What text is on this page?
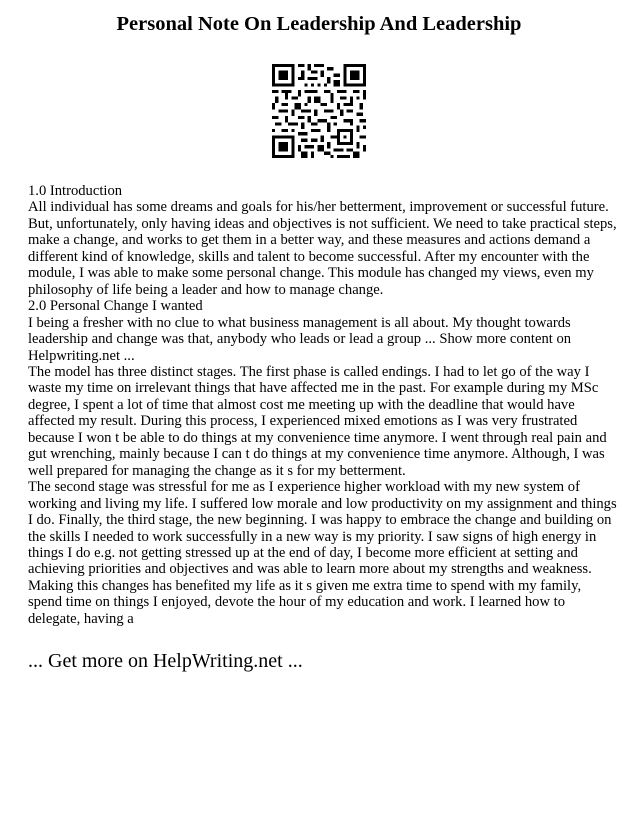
Personal Note On Leadership And Leadership

1.0 Introduction

All individual has some dreams and goals for his/her betterment, improvement or successful future. But, unfortunately, only having ideas and objectives is not sufficient. We need to take practical steps, make a change, and works to get them in a better way, and these measures and actions demand a different kind of knowledge, skills and talent to become successful. After my encounter with the module, I was able to make some personal change. This module has changed my views, even my philosophy of life being a leader and how to manage change.

2.0 Personal Change I wanted

I being a fresher with no clue to what business management is all about. My thought towards leadership and change was that, anybody who leads or lead a group ... Show more content on Helpwriting.net ...

The model has three distinct stages. The first phase is called endings. I had to let go of the way I waste my time on irrelevant things that have affected me in the past. For example during my MSc degree, I spent a lot of time that almost cost me meeting up with the deadline that would have affected my result. During this process, I experienced mixed emotions as I was very frustrated because I won t be able to do things at my convenience time anymore. I went through real pain and gut wrenching, mainly because I can t do things at my convenience time anymore. Although, I was well prepared for managing the change as it s for my betterment.

The second stage was stressful for me as I experience higher workload with my new system of working and living my life. I suffered low morale and low productivity on my assignment and things I do. Finally, the third stage, the new beginning. I was happy to embrace the change and building on the skills I needed to work successfully in a new way is my priority. I saw signs of high energy in things I do e.g. not getting stressed up at the end of day, I become more efficient at setting and achieving priorities and objectives and was able to learn more about my strengths and weakness.

Making this changes has benefited my life as it s given me extra time to spend with my family, spend time on things I enjoyed, devote the hour of my education and work. I learned how to delegate, having a

... Get more on HelpWriting.net ...
